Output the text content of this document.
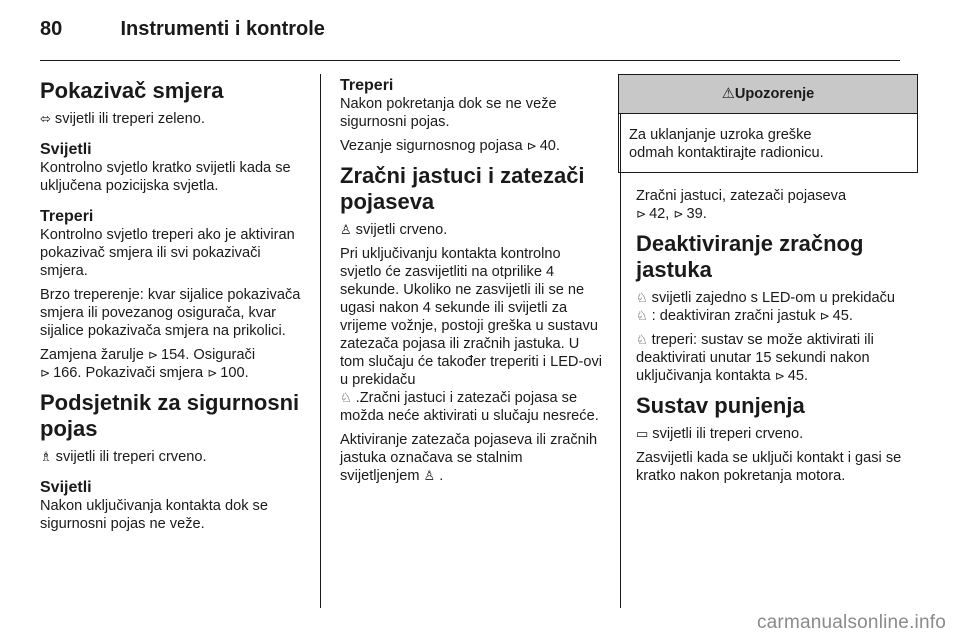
80	Instrumenti i kontrole
Pokazivač smjera

⬄ svijetli ili treperi zeleno.

Svijetli

Kontrolno svjetlo kratko svijetli kada se uključena pozicijska svjetla.

Treperi

Kontrolno svjetlo treperi ako je aktiviran pokazivač smjera ili svi pokazivači smjera.

Brzo treperenje: kvar sijalice pokazivača smjera ili povezanog osigurača, kvar sijalice pokazivača smjera na prikolici.

Zamjena žarulje ⊳ 154. Osigurači
⊳ 166. Pokazivači smjera ⊳ 100.

Podsjetnik za sigurnosni
pojas

♗ svijetli ili treperi crveno.

Svijetli

Nakon uključivanja kontakta dok se sigurnosni pojas ne veže.

Treperi

Nakon pokretanja dok se ne veže sigurnosni pojas.

Vezanje sigurnosnog pojasa ⊳ 40.

Zračni jastuci i zatezači
pojaseva

♙ svijetli crveno.

Pri uključivanju kontakta kontrolno svjetlo će zasvijetliti na otprilike 4 sekunde. Ukoliko ne zasvijetli ili se ne ugasi nakon 4 sekunde ili svijetli za vrijeme vožnje, postoji greška u sustavu zatezača pojasa ili zračnih jastuka. U tom slučaju će također treperiti i LED-ovi u prekidaču
♘ .Zračni jastuci i zatezači pojasa se možda neće aktivirati u slučaju nesreće.

Aktiviranje zatezača pojaseva ili zračnih jastuka označava se stalnim svijetljenjem ♙ .

⚠Upozorenje
Za uklanjanje uzroka greške
odmah kontaktirajte radionicu.

Zračni jastuci, zatezači pojaseva
⊳ 42, ⊳ 39.

Deaktiviranje zračnog
jastuka

♘ svijetli zajedno s LED-om u prekidaču ♘ : deaktiviran zračni jastuk ⊳ 45.

♘ treperi: sustav se može aktivirati ili deaktivirati unutar 15 sekundi nakon uključivanja kontakta ⊳ 45.

Sustav punjenja

▭ svijetli ili treperi crveno.

Zasvijetli kada se uključi kontakt i gasi se kratko nakon pokretanja motora.

carmanualsonline.info
